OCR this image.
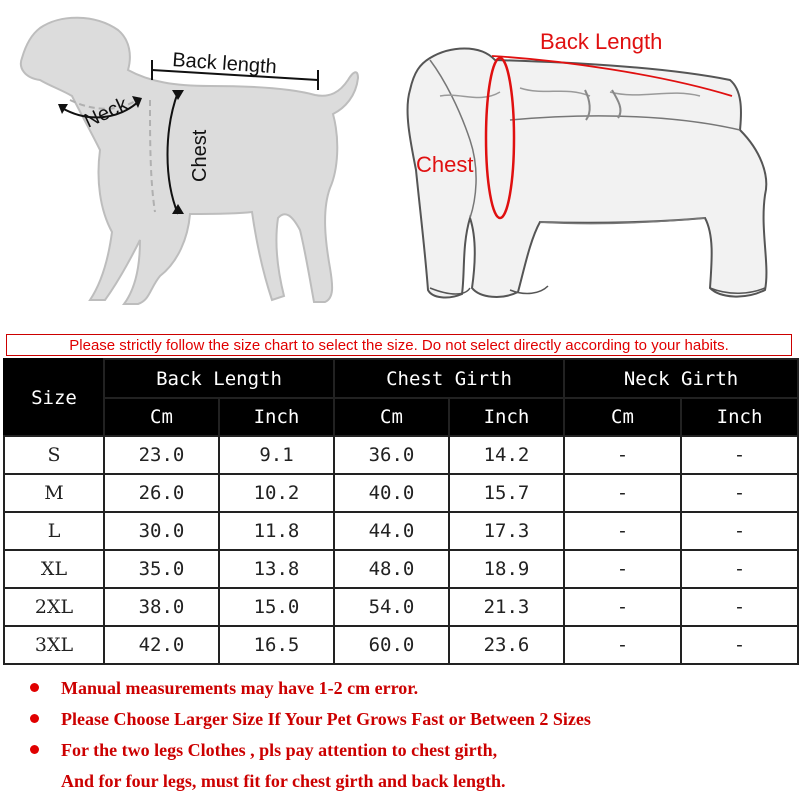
Back length
Neck
Chest
Back Length
Chest
Please strictly follow the size chart to select the size. Do not select directly according to your habits.
Size	Back Length		Chest Girth		Neck Girth	
	Cm	Inch	Cm	Inch	Cm	Inch
S	23.0	9.1	36.0	14.2	-	-
M	26.0	10.2	40.0	15.7	-	-
L	30.0	11.8	44.0	17.3	-	-
XL	35.0	13.8	48.0	18.9	-	-
2XL	38.0	15.0	54.0	21.3	-	-
3XL	42.0	16.5	60.0	23.6	-	-
Manual measurements may have 1-2 cm error.
Please Choose Larger Size If Your Pet Grows Fast or Between 2 Sizes
For the two legs Clothes , pls pay attention to chest girth,
And for four legs, must fit for chest girth and back length.
